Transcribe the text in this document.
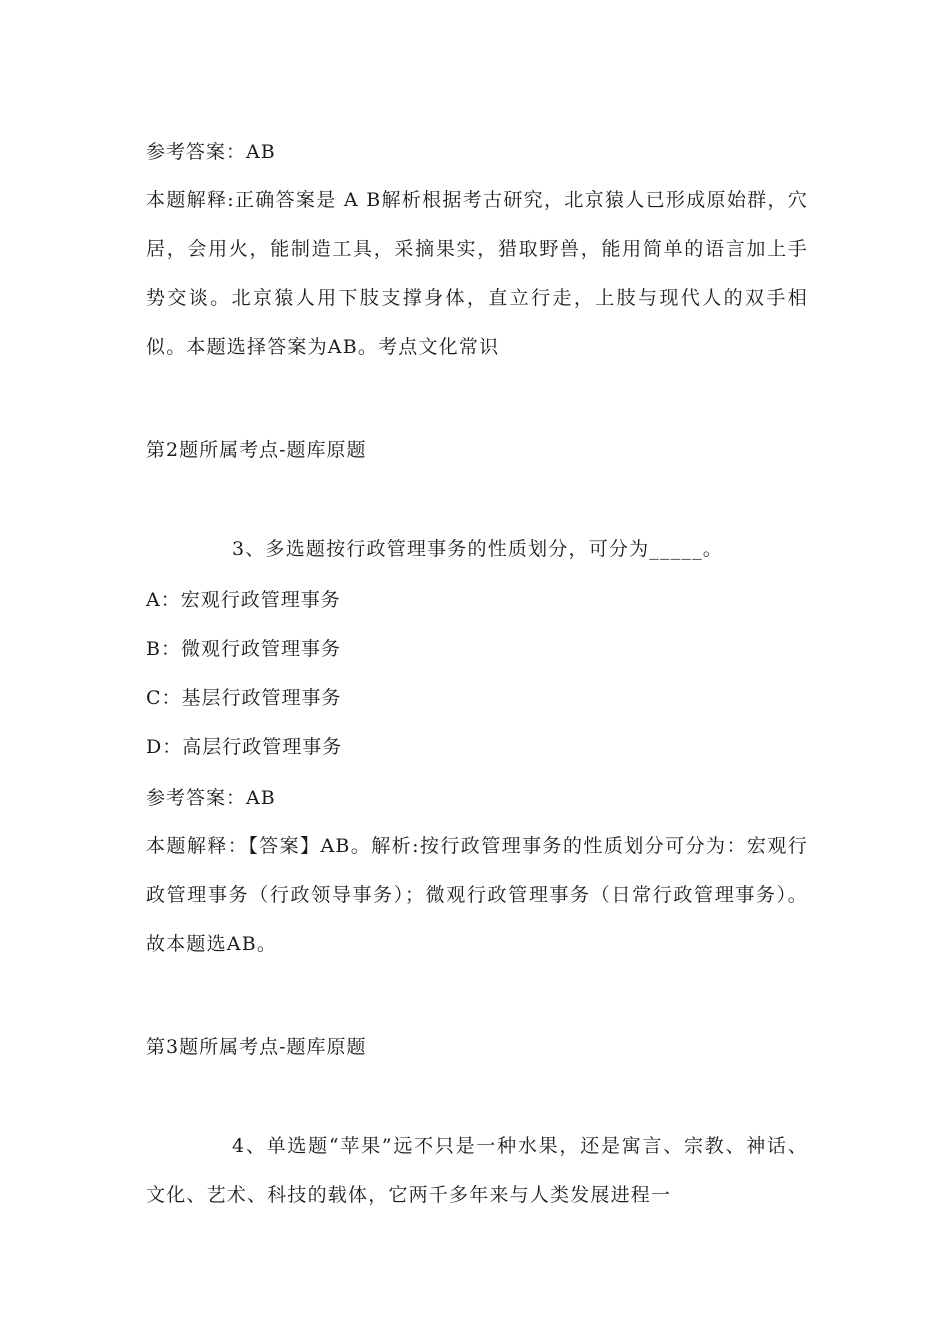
参考答案：AB
本题解释:正确答案是 A B解析根据考古研究，北京猿人已形成原始群，穴居，会用火，能制造工具，采摘果实，猎取野兽，能用简单的语言加上手势交谈。北京猿人用下肢支撑身体，直立行走，上肢与现代人的双手相似。本题选择答案为AB。考点文化常识
第2题所属考点-题库原题
3、多选题按行政管理事务的性质划分，可分为_____。
A：宏观行政管理事务
B：微观行政管理事务
C：基层行政管理事务
D：高层行政管理事务
参考答案：AB
本题解释：【答案】AB。解析:按行政管理事务的性质划分可分为：宏观行政管理事务（行政领导事务）；微观行政管理事务（日常行政管理事务）。故本题选AB。
第3题所属考点-题库原题
4、单选题“苹果”远不只是一种水果，还是寓言、宗教、神话、文化、艺术、科技的载体，它两千多年来与人类发展进程一
